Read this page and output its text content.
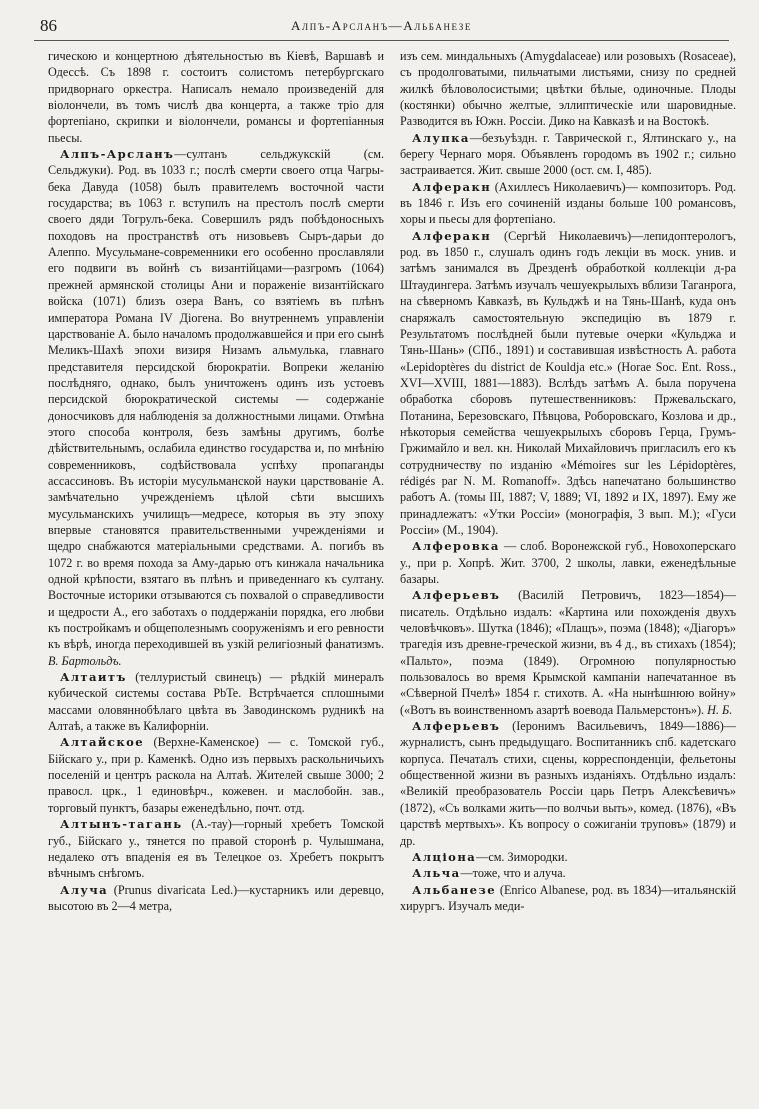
86	Алпъ-Арсланъ—Альбанезе

гическою и концертною дѣятельностью въ Кіевѣ, Варшавѣ и Одессѣ. Съ 1898 г. состоитъ солистомъ петербургскаго придворнаго оркестра. Написалъ немало произведеній для віолончели, въ томъ числѣ два концерта, а также тріо для фортепіано, скрипки и віолончели, романсы и фортепіанныя пьесы.

Алпъ-Арсланъ—султанъ сельджукскій (см. Сельджуки). Род. въ 1033 г.; послѣ смерти своего отца Чагры-бека Давуда (1058) былъ правителемъ восточной части государства; въ 1063 г. вступилъ на престолъ послѣ смерти своего дяди Тогрулъ-бека. Совершилъ рядъ побѣдоносныхъ походовъ на пространствѣ отъ низовьевъ Сыръ-дарьи до Алеппо. Мусульмане-современники его особенно прославляли его подвиги въ войнѣ съ византійцами—разгромъ (1064) прежней армянской столицы Ани и пораженіе византійскаго войска (1071) близъ озера Ванъ, со взятіемъ въ плѣнъ императора Романа IV Діогена. Во внутреннемъ управленіи царствованіе А. было началомъ продолжавшейся и при его сынѣ Меликъ-Шахѣ эпохи визиря Низамъ альмулька, главнаго представителя персидской бюрократіи. Вопреки желанію послѣдняго, однако, былъ уничтоженъ одинъ изъ устоевъ персидской бюрократической системы — содержаніе доносчиковъ для наблюденія за должностными лицами. Отмѣна этого способа контроля, безъ замѣны другимъ, болѣе дѣйствительнымъ, ослабила единство государства и, по мнѣнію современниковъ, содѣйствовала успѣху пропаганды ассассиновъ. Въ исторіи мусульманской науки царствованіе А. замѣчательно учрежденіемъ цѣлой сѣти высшихъ мусульманскихъ училищъ—медресе, которыя въ эту эпоху впервые становятся правительственными учрежденіями и щедро снабжаются матеріальными средствами. А. погибъ въ 1072 г. во время похода за Аму-дарью отъ кинжала начальника одной крѣпости, взятаго въ плѣнъ и приведеннаго къ султану. Восточные историки отзываются съ похвалой о справедливости и щедрости А., его заботахъ о поддержаніи порядка, его любви къ постройкамъ и общеполезнымъ сооруженіямъ и его ревности къ вѣрѣ, иногда переходившей въ узкій религіозный фанатизмъ. В. Бартольдъ.

Алтаитъ (теллуристый свинецъ) — рѣдкій минералъ кубической системы состава PbTe. Встрѣчается сплошными массами оловяннобѣлаго цвѣта въ Заводинскомъ рудникѣ на Алтаѣ, а также въ Калифорніи.

Алтайское (Верхне-Каменское) — с. Томской губ., Бійскаго у., при р. Каменкѣ. Одно изъ первыхъ раскольничьихъ поселеній и центръ раскола на Алтаѣ. Жителей свыше 3000; 2 правосл. црк., 1 единовѣрч., кожевен. и маслобойн. зав., торговый пунктъ, базары еженедѣльно, почт. отд.

Алтынъ-тагань (А.-тау)—горный хребетъ Томской губ., Бійскаго у., тянется по правой сторонѣ р. Чулышмана, недалеко отъ впаденія ея въ Телецкое оз. Хребетъ покрытъ вѣчнымъ снѣгомъ.

Алуча (Prunus divaricata Led.)—кустарникъ или деревцо, высотою въ 2—4 метра,

изъ сем. миндальныхъ (Amygdalaceae) или розовыхъ (Rosaceae), съ продолговатыми, пильчатыми листьями, снизу по средней жилкѣ бѣловолосистыми; цвѣтки бѣлые, одиночные. Плоды (костянки) обычно желтые, эллиптическіе или шаровидные. Разводится въ Южн. Россіи. Дико на Кавказѣ и на Востокѣ.

Алупка—безъуѣздн. г. Таврической г., Ялтинскаго у., на берегу Чернаго моря. Объявленъ городомъ въ 1902 г.; сильно застраивается. Жит. свыше 2000 (ост. см. I, 485).

Алферакн (Ахиллесъ Николаевичъ)— композиторъ. Род. въ 1846 г. Изъ его сочиненій изданы больше 100 романсовъ, хоры и пьесы для фортепіано.

Алферакн (Сергѣй Николаевичъ)—лепидоптерологъ, род. въ 1850 г., слушалъ одинъ годъ лекціи въ моск. унив. и затѣмъ занимался въ Дрезденѣ обработкой коллекціи д-ра Штаудингера. Затѣмъ изучалъ чешуекрылыхъ вблизи Таганрога, на сѣверномъ Кавказѣ, въ Кульджѣ и на Тянь-Шанѣ, куда онъ снаряжалъ самостоятельную экспедицію въ 1879 г. Результатомъ послѣдней были путевые очерки «Кульджа и Тянь-Шань» (СПб., 1891) и составившая извѣстность А. работа «Lepidoptères du district de Kouldja etc.» (Horae Soc. Ent. Ross., XVI—XVIII, 1881—1883). Вслѣдъ затѣмъ А. была поручена обработка сборовъ путешественниковъ: Пржевальскаго, Потанина, Березовскаго, Пѣвцова, Роборовскаго, Козлова и др., нѣкоторыя семейства чешуекрылыхъ сборовъ Герца, Грумъ-Гржимайло и вел. кн. Николай Михайловичъ пригласилъ его къ сотрудничеству по изданію «Mémoires sur les Lépidoptères, rédigés par N. M. Romanoff». Здѣсь напечатано большинство работъ А. (томы III, 1887; V, 1889; VI, 1892 и IX, 1897). Ему же принадлежатъ: «Утки Россіи» (монографія, 3 вып. М.); «Гуси Россіи» (М., 1904).

Алферовка — слоб. Воронежской губ., Новохоперскаго у., при р. Хопрѣ. Жит. 3700, 2 школы, лавки, еженедѣльные базары.

Алферьевъ (Василій Петровичъ, 1823—1854)—писатель. Отдѣльно издалъ: «Картина или похожденія двухъ человѣчковъ». Шутка (1846); «Плащъ», поэма (1848); «Діагоръ» трагедія изъ древне-греческой жизни, въ 4 д., въ стихахъ (1854); «Пальто», поэма (1849). Огромною популярностью пользовалось во время Крымской кампаніи напечатанное въ «Сѣверной Пчелѣ» 1854 г. стихотв. А. «На нынѣшнюю войну» («Вотъ въ воинственномъ азартѣ воевода Пальмерстонъ»). Н. Б.

Алферьевъ (Іеронимъ Васильевичъ, 1849—1886)—журналистъ, сынъ предыдущаго. Воспитанникъ спб. кадетскаго корпуса. Печаталъ стихи, сцены, корреспонденціи, фельетоны общественной жизни въ разныхъ изданіяхъ. Отдѣльно издалъ: «Великій преобразователь Россіи царь Петръ Алексѣевичъ» (1872), «Съ волками жить—по волчьи выть», комед. (1876), «Въ царствѣ мертвыхъ». Къ вопросу о сожиганіи труповъ» (1879) и др.

Алціона—см. Зимородки.

Альча—тоже, что и алуча.

Альбанезе (Enrico Albanese, род. въ 1834)—итальянскій хирургъ. Изучалъ меди-
